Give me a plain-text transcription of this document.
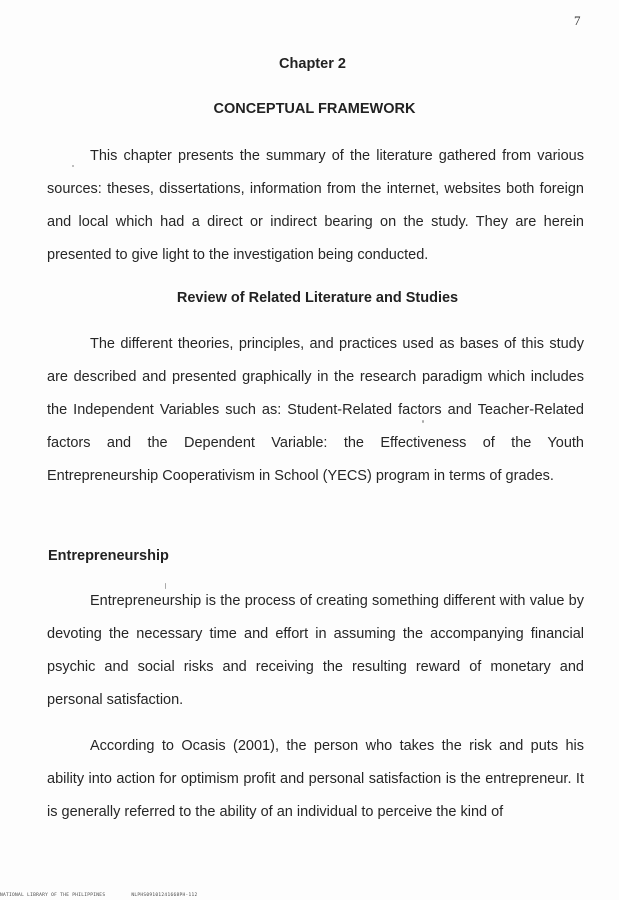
7
Chapter 2
CONCEPTUAL FRAMEWORK

This chapter presents the summary of the literature gathered from various sources: theses, dissertations, information from the internet, websites both foreign and local which had a direct or indirect bearing on the study. They are herein presented to give light to the investigation being conducted.

Review of Related Literature and Studies

The different theories, principles, and practices used as bases of this study are described and presented graphically in the research paradigm which includes the Independent Variables such as: Student-Related factors and Teacher-Related factors and the Dependent Variable: the Effectiveness of the Youth Entrepreneurship Cooperativism in School (YECS) program in terms of grades.

Entrepreneurship

Entrepreneurship is the process of creating something different with value by devoting the necessary time and effort in assuming the accompanying financial psychic and social risks and receiving the resulting reward of monetary and personal satisfaction.

According to Ocasis (2001), the person who takes the risk and puts his ability into action for optimism profit and personal satisfaction is the entrepreneur. It is generally referred to the ability of an individual to perceive the kind of

NATIONAL LIBRARY OF THE PHILIPPINES	NLPHS09101241668PH-112
